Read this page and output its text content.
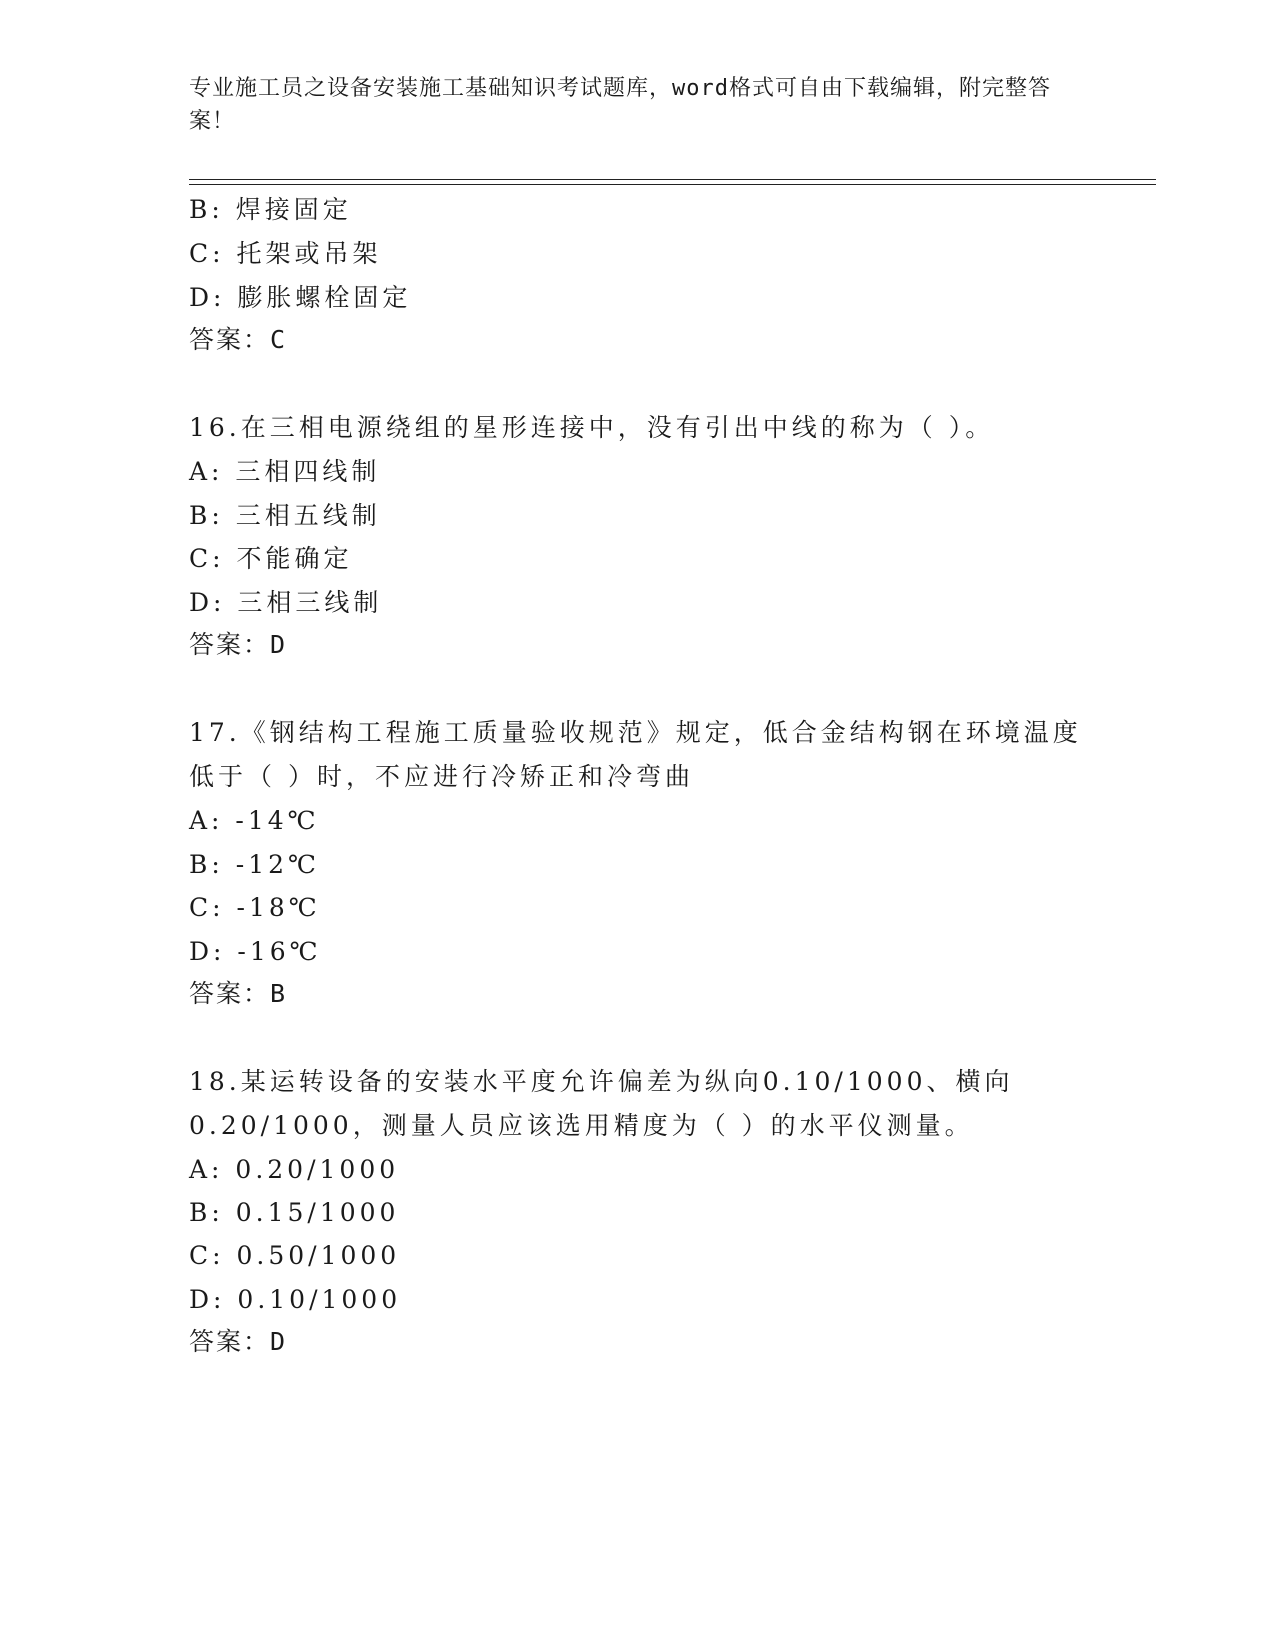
专业施工员之设备安装施工基础知识考试题库，word格式可自由下载编辑，附完整答案！
B: 焊接固定
C: 托架或吊架
D: 膨胀螺栓固定
答案：C
16.在三相电源绕组的星形连接中，没有引出中线的称为（ ）。
A: 三相四线制
B: 三相五线制
C: 不能确定
D: 三相三线制
答案：D
17.《钢结构工程施工质量验收规范》规定，低合金结构钢在环境温度
低于（ ）时，不应进行冷矫正和冷弯曲
A: -14℃
B: -12℃
C: -18℃
D: -16℃
答案：B
18.某运转设备的安装水平度允许偏差为纵向0.10/1000、横向
0.20/1000，测量人员应该选用精度为（ ）的水平仪测量。
A: 0.20/1000
B: 0.15/1000
C: 0.50/1000
D: 0.10/1000
答案：D
